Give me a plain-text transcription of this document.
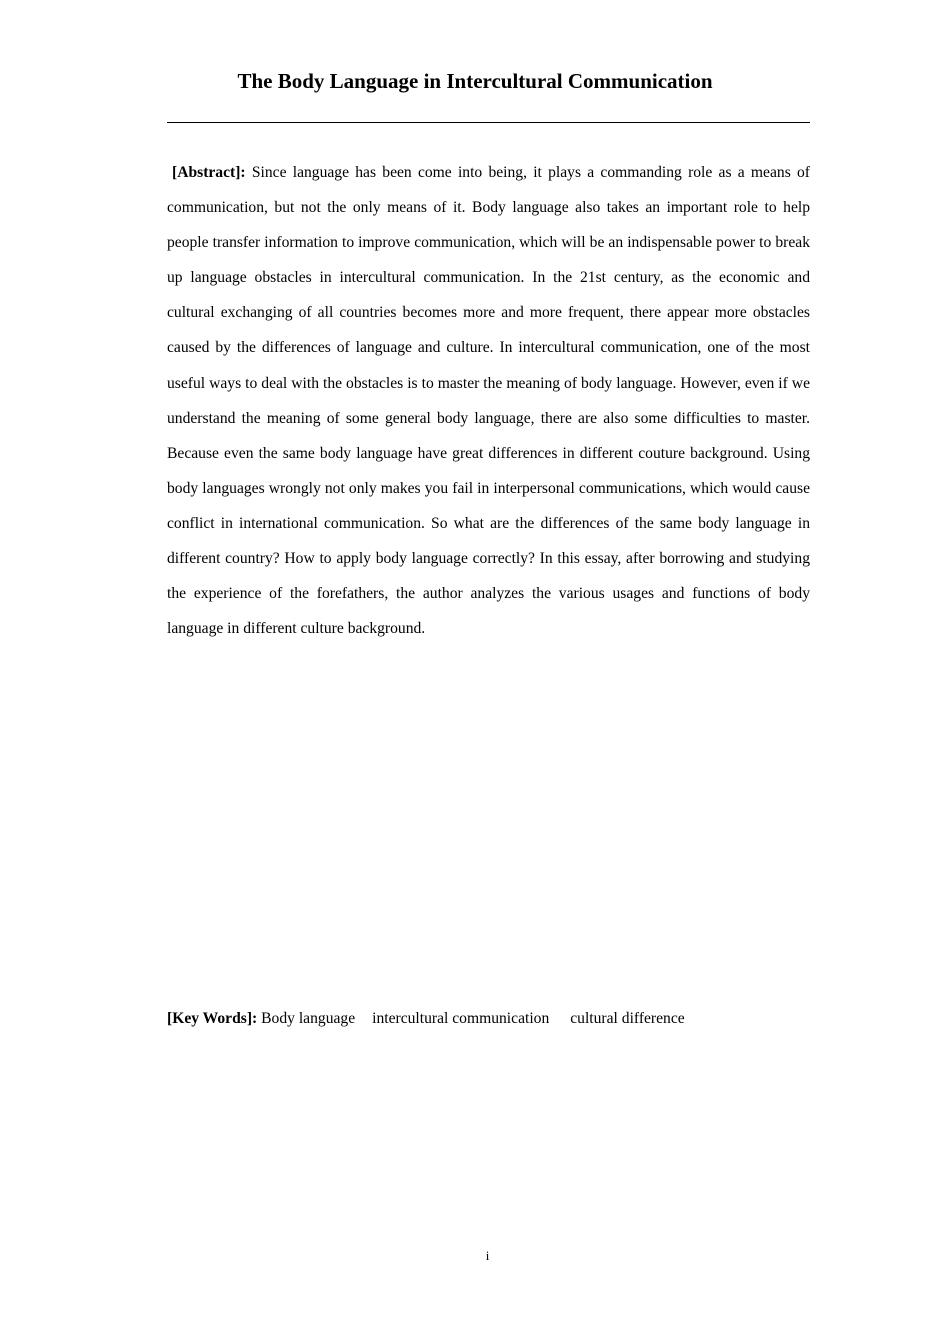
The Body Language in Intercultural Communication

[Abstract]: Since language has been come into being, it plays a commanding role as a means of communication, but not the only means of it. Body language also takes an important role to help people transfer information to improve communication, which will be an indispensable power to break up language obstacles in intercultural communication. In the 21st century, as the economic and cultural exchanging of all countries becomes more and more frequent, there appear more obstacles caused by the differences of language and culture. In intercultural communication, one of the most useful ways to deal with the obstacles is to master the meaning of body language. However, even if we understand the meaning of some general body language, there are also some difficulties to master. Because even the same body language have great differences in different couture background. Using body languages wrongly not only makes you fail in interpersonal communications, which would cause conflict in international communication. So what are the differences of the same body language in different country? How to apply body language correctly? In this essay, after borrowing and studying the experience of the forefathers, the author analyzes the various usages and functions of body language in different culture background.

[Key Words]: Body language intercultural communication cultural difference

i
